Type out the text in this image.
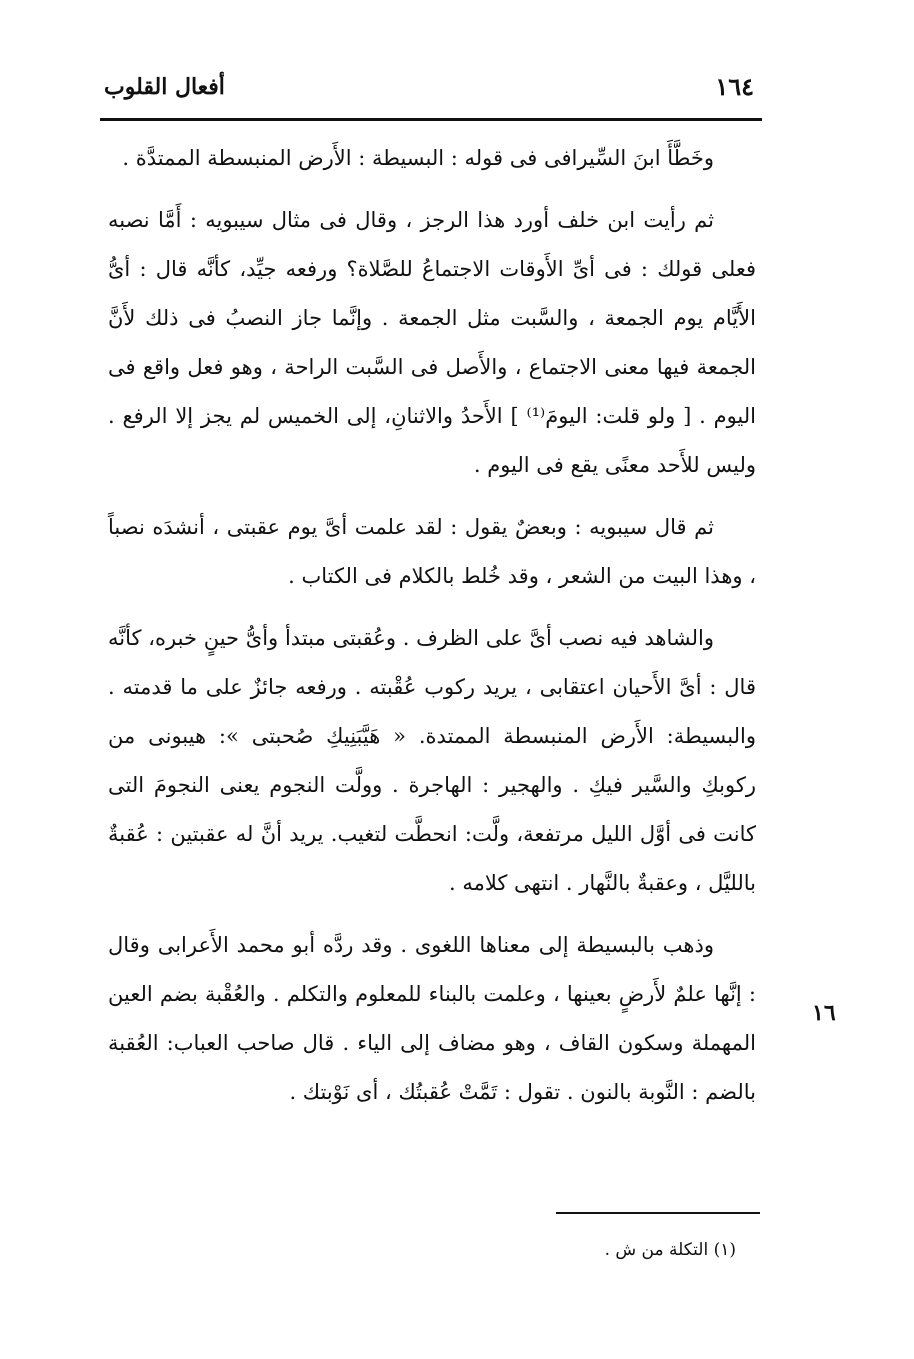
١٦٤
أفعال القلوب

وخَطَّأَ ابنَ السِّيرافى فى قوله : البسيطة : الأَرض المنبسطة الممتدَّة .

ثم رأيت ابن خلف أورد هذا الرجز ، وقال فى مثال سيبويه : أَمَّا نصبه فعلى قولك : فى أىِّ الأَوقات الاجتماعُ للصَّلاة؟ ورفعه جيِّد، كأنَّه قال : أىُّ الأَيَّام يوم الجمعة ، والسَّبت مثل الجمعة . وإنَّما جاز النصبُ فى ذلك لأَنَّ الجمعة فيها معنى الاجتماع ، والأَصل فى السَّبت الراحة ، وهو فعل واقع فى اليوم . [ ولو قلت: اليومَ⁽¹⁾ ] الأَحدُ والاثنانِ، إلى الخميس لم يجز إلا الرفع . وليس للأَحد معنًى يقع فى اليوم .

ثم قال سيبويه : وبعضٌ يقول : لقد علمت أىَّ يوم عقبتى ، أنشدَه نصباً ، وهذا البيت من الشعر ، وقد خُلط بالكلام فى الكتاب .

والشاهد فيه نصب أىَّ على الظرف . وعُقبتى مبتدأ وأىُّ حينٍ خبره، كأنَّه قال : أىَّ الأَحيان اعتقابى ، يريد ركوب عُقْبته . ورفعه جائزٌ على ما قدمته . والبسيطة: الأَرض المنبسطة الممتدة. « هَيَّبَنِيكِ صُحبتى »: هيبونى من ركوبكِ والسَّير فيكِ . والهجير : الهاجرة . وولَّت النجوم يعنى النجومَ التى كانت فى أوَّل الليل مرتفعة، ولَّت: انحطَّت لتغيب. يريد أنَّ له عقبتين : عُقبةٌ بالليَّل ، وعقبةٌ بالنَّهار . انتهى كلامه .

وذهب بالبسيطة إلى معناها اللغوى . وقد ردَّه أبو محمد الأَعرابى وقال : إنَّها علمٌ لأَرضٍ بعينها ، وعلمت بالبناء للمعلوم والتكلم . والعُقْبة بضم العين المهملة وسكون القاف ، وهو مضاف إلى الياء . قال صاحب العباب: العُقبة بالضم : النَّوبة بالنون . تقول : تَمَّتْ عُقبتُك ، أى نَوْبتك .

١٦
(١) التكلة من ش .
